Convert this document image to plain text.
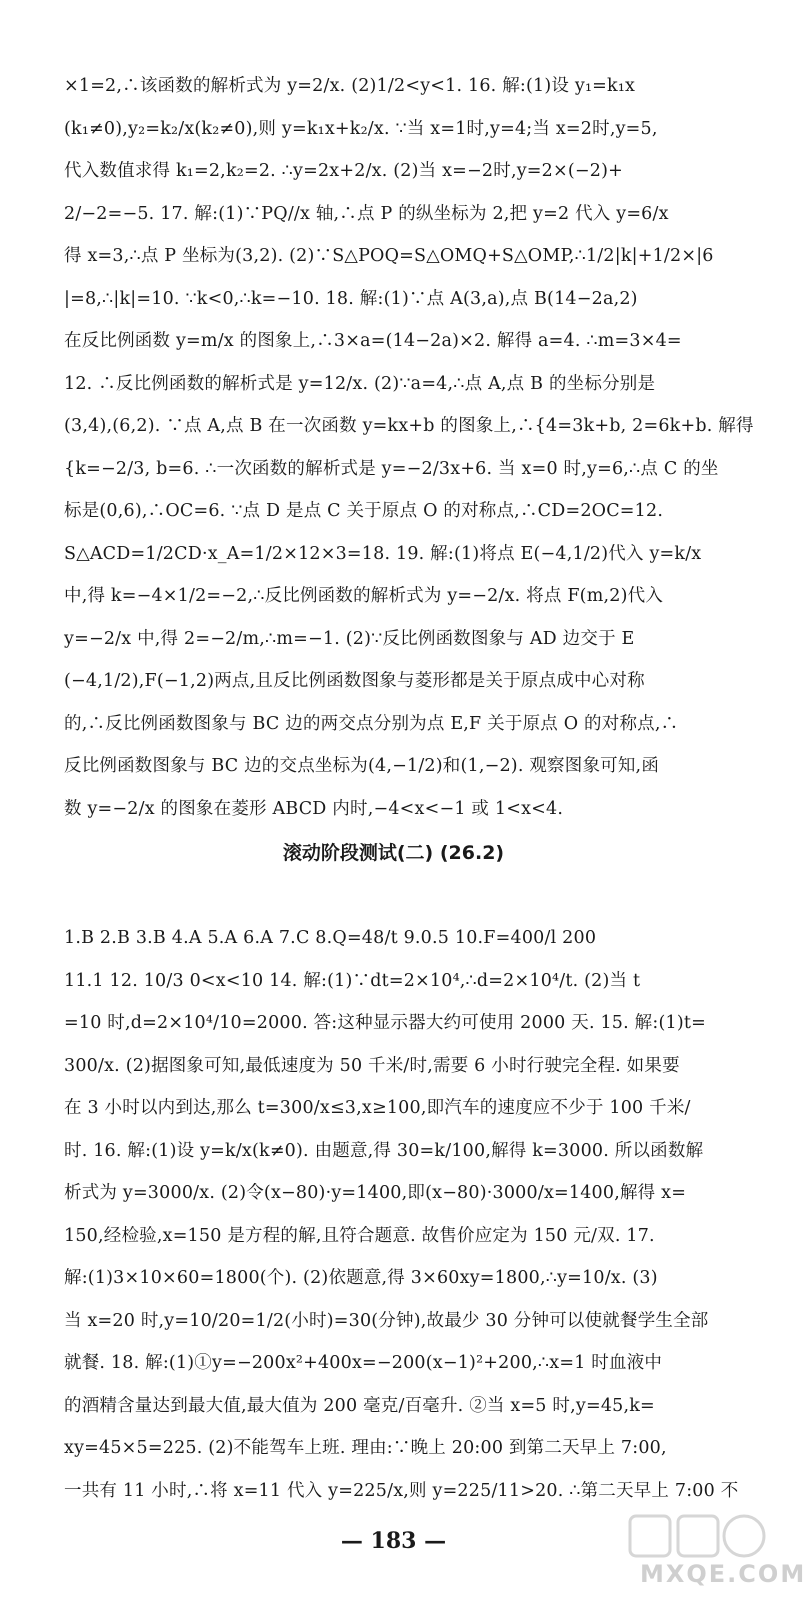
×1=2,∴该函数的解析式为 y=2/x. (2)1/2<y<1. 16. 解:(1)设 y₁=k₁x
(k₁≠0),y₂=k₂/x(k₂≠0),则 y=k₁x+k₂/x. ∵当 x=1时,y=4;当 x=2时,y=5,
代入数值求得 k₁=2,k₂=2. ∴y=2x+2/x. (2)当 x=−2时,y=2×(−2)+
2/−2=−5. 17. 解:(1)∵PQ//x 轴,∴点 P 的纵坐标为 2,把 y=2 代入 y=6/x
得 x=3,∴点 P 坐标为(3,2). (2)∵S△POQ=S△OMQ+S△OMP,∴1/2|k|+1/2×|6
|=8,∴|k|=10. ∵k<0,∴k=−10. 18. 解:(1)∵点 A(3,a),点 B(14−2a,2)
在反比例函数 y=m/x 的图象上,∴3×a=(14−2a)×2. 解得 a=4. ∴m=3×4=
12. ∴反比例函数的解析式是 y=12/x. (2)∵a=4,∴点 A,点 B 的坐标分别是
(3,4),(6,2). ∵点 A,点 B 在一次函数 y=kx+b 的图象上,∴{4=3k+b, 2=6k+b. 解得
{k=−2/3, b=6. ∴一次函数的解析式是 y=−2/3x+6. 当 x=0 时,y=6,∴点 C 的坐
标是(0,6),∴OC=6. ∵点 D 是点 C 关于原点 O 的对称点,∴CD=2OC=12.
S△ACD=1/2CD·x_A=1/2×12×3=18. 19. 解:(1)将点 E(−4,1/2)代入 y=k/x
中,得 k=−4×1/2=−2,∴反比例函数的解析式为 y=−2/x. 将点 F(m,2)代入
y=−2/x 中,得 2=−2/m,∴m=−1. (2)∵反比例函数图象与 AD 边交于 E
(−4,1/2),F(−1,2)两点,且反比例函数图象与菱形都是关于原点成中心对称
的,∴反比例函数图象与 BC 边的两交点分别为点 E,F 关于原点 O 的对称点,∴
反比例函数图象与 BC 边的交点坐标为(4,−1/2)和(1,−2). 观察图象可知,函
数 y=−2/x 的图象在菱形 ABCD 内时,−4<x<−1 或 1<x<4.
滚动阶段测试(二) (26.2)
1.B 2.B 3.B 4.A 5.A 6.A 7.C 8.Q=48/t 9.0.5 10.F=400/l 200
11.1 12. 10/3 0<x<10 14. 解:(1)∵dt=2×10⁴,∴d=2×10⁴/t. (2)当 t
=10 时,d=2×10⁴/10=2000. 答:这种显示器大约可使用 2000 天. 15. 解:(1)t=
300/x. (2)据图象可知,最低速度为 50 千米/时,需要 6 小时行驶完全程. 如果要
在 3 小时以内到达,那么 t=300/x≤3,x≥100,即汽车的速度应不少于 100 千米/
时. 16. 解:(1)设 y=k/x(k≠0). 由题意,得 30=k/100,解得 k=3000. 所以函数解
析式为 y=3000/x. (2)令(x−80)·y=1400,即(x−80)·3000/x=1400,解得 x=
150,经检验,x=150 是方程的解,且符合题意. 故售价应定为 150 元/双. 17.
解:(1)3×10×60=1800(个). (2)依题意,得 3×60xy=1800,∴y=10/x. (3)
当 x=20 时,y=10/20=1/2(小时)=30(分钟),故最少 30 分钟可以使就餐学生全部
就餐. 18. 解:(1)①y=−200x²+400x=−200(x−1)²+200,∴x=1 时血液中
的酒精含量达到最大值,最大值为 200 毫克/百毫升. ②当 x=5 时,y=45,k=
xy=45×5=225. (2)不能驾车上班. 理由:∵晚上 20:00 到第二天早上 7:00,
一共有 11 小时,∴将 x=11 代入 y=225/x,则 y=225/11>20. ∴第二天早上 7:00 不
— 183 —
MXQE.COM
